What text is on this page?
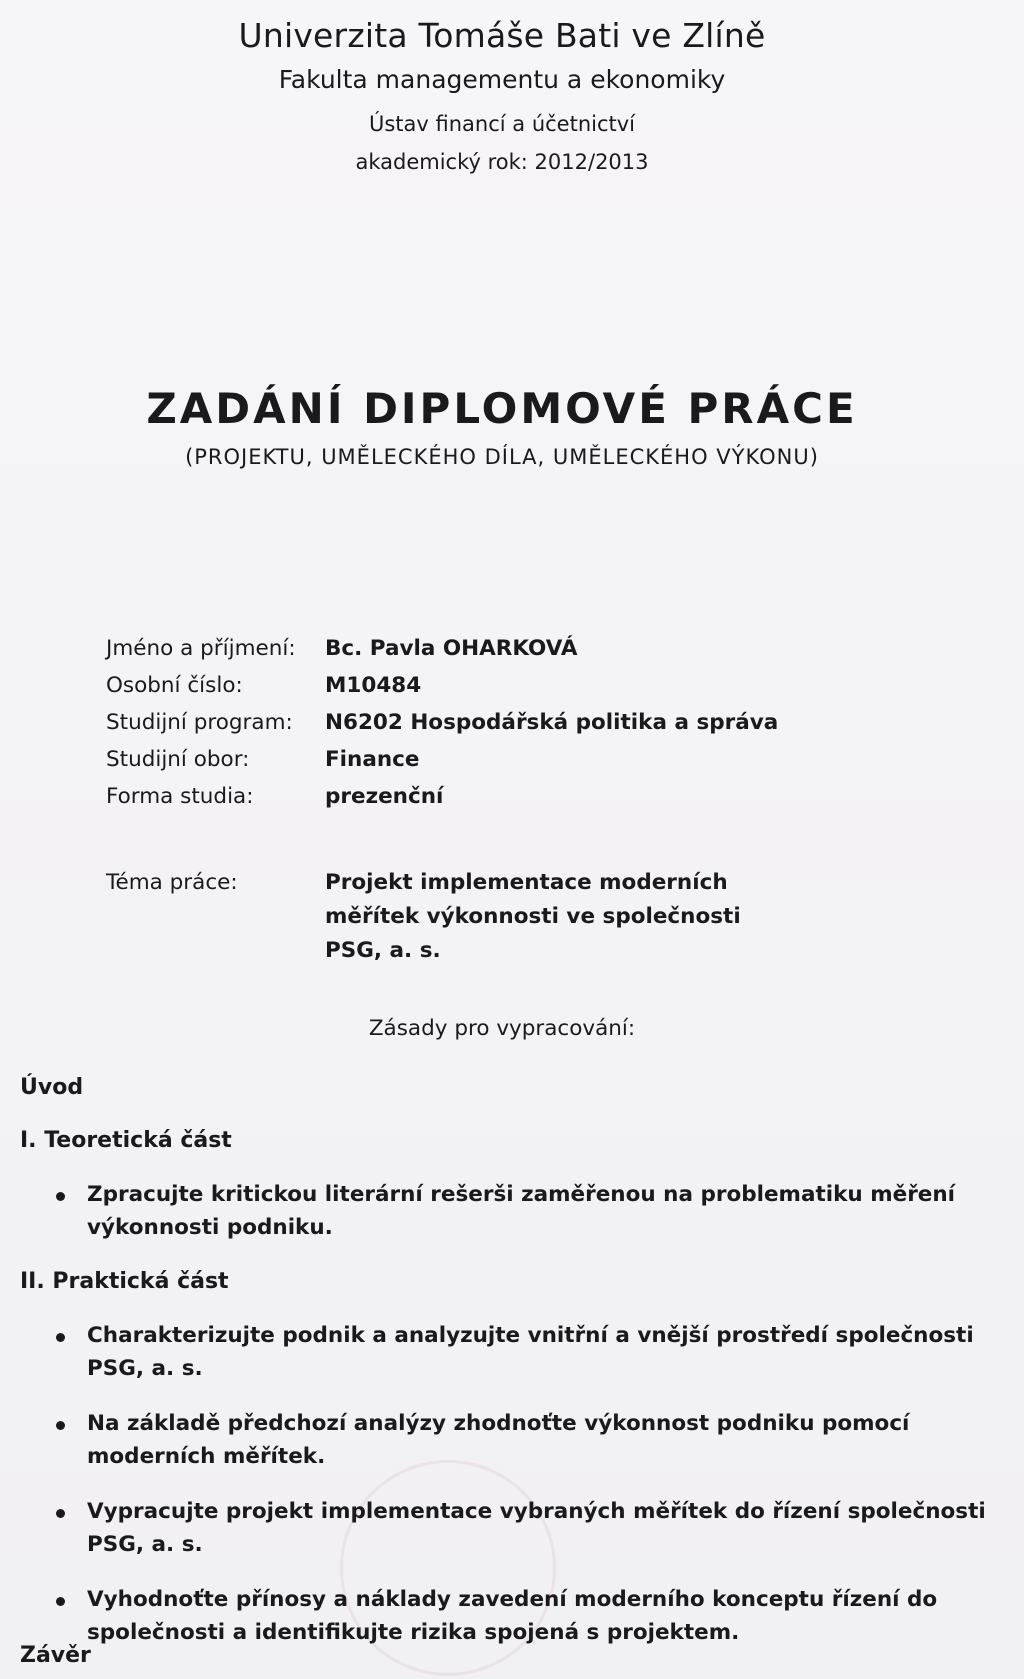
Univerzita Tomáše Bati ve Zlíně
Fakulta managementu a ekonomiky
Ústav financí a účetnictví
akademický rok: 2012/2013
ZADÁNÍ DIPLOMOVÉ PRÁCE
(PROJEKTU, UMĚLECKÉHO DÍLA, UMĚLECKÉHO VÝKONU)
Jméno a příjmení:	Bc. Pavla OHARKOVÁ
Osobní číslo:	M10484
Studijní program:	N6202 Hospodářská politika a správa
Studijní obor:	Finance
Forma studia:	prezenční
Téma práce:	Projekt implementace moderních měřítek výkonnosti ve společnosti PSG, a. s.
Zásady pro vypracování:
Úvod
I. Teoretická část
Zpracujte kritickou literární rešerši zaměřenou na problematiku měření výkonnosti podniku.
II. Praktická část
Charakterizujte podnik a analyzujte vnitřní a vnější prostředí společnosti PSG, a. s.
Na základě předchozí analýzy zhodnoťte výkonnost podniku pomocí moderních měřítek.
Vypracujte projekt implementace vybraných měřítek do řízení společnosti PSG, a. s.
Vyhodnoťte přínosy a náklady zavedení moderního konceptu řízení do společnosti a identifikujte rizika spojená s projektem.
Závěr
